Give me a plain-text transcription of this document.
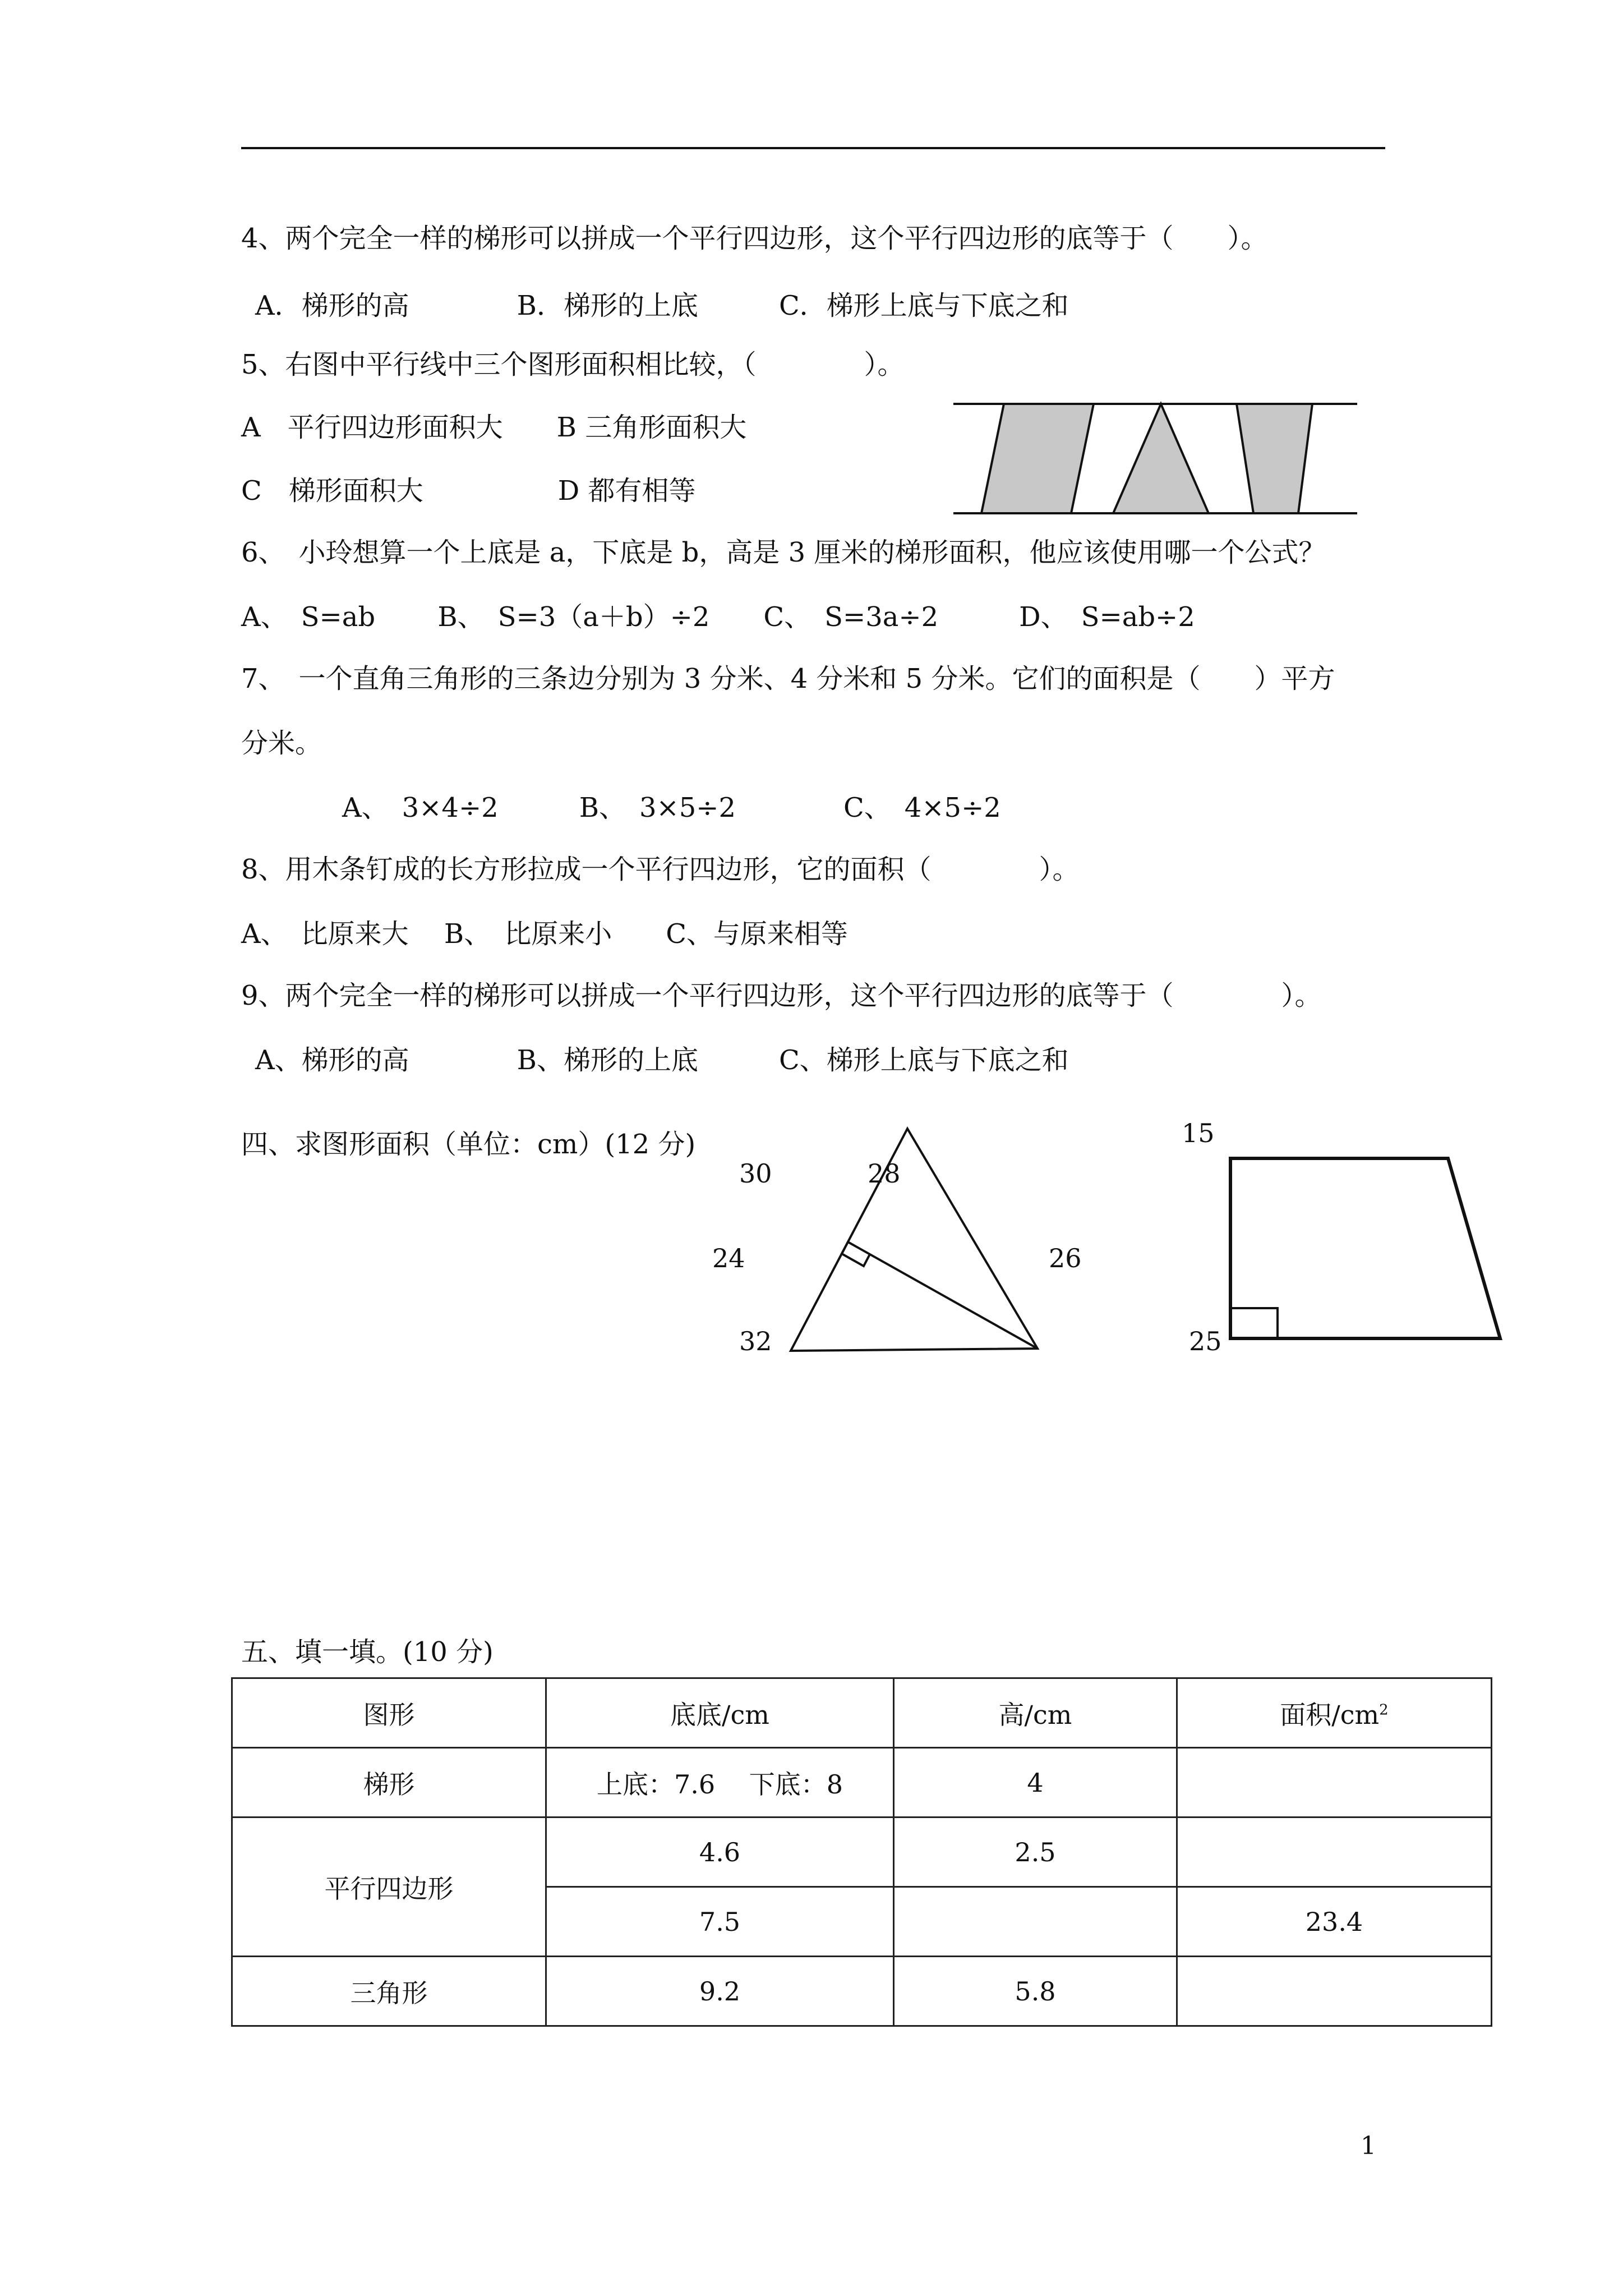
4、两个完全一样的梯形可以拼成一个平行四边形，这个平行四边形的底等于（　　）。
A．梯形的高　　　　B．梯形的上底　　　C．梯形上底与下底之和
5、右图中平行线中三个图形面积相比较，（　　　　）。
A　平行四边形面积大　　B 三角形面积大
C　梯形面积大　　　　　D 都有相等
6、　小玲想算一个上底是 a，下底是 b，高是 3 厘米的梯形面积，他应该使用哪一个公式？
A、　S=ab　　 B、　S=3（a＋b）÷2　　C、　S=3a÷2　　　D、　S=ab÷2
7、　一个直角三角形的三条边分别为 3 分米、4 分米和 5 分米。它们的面积是（　　）平方
分米。
A、　3×4÷2　　　B、　3×5÷2　　　　C、　4×5÷2
8、用木条钉成的长方形拉成一个平行四边形，它的面积（　　　　）。
A、　比原来大　 B、　比原来小　　C、与原来相等
9、两个完全一样的梯形可以拼成一个平行四边形，这个平行四边形的底等于（　　　　）。
A、梯形的高　　　　B、梯形的上底　　　C、梯形上底与下底之和
四、求图形面积（单位：cm）(12 分)
30	28
24	26
32
15
25
五、填一填。(10 分)
图形	底底/cm	高/cm	面积$/cm^2$
梯形	上底：7.6　 下底：8	4	
平行四边形	4.6	2.5	
	7.5		23.4
三角形	9.2	5.8	
1
